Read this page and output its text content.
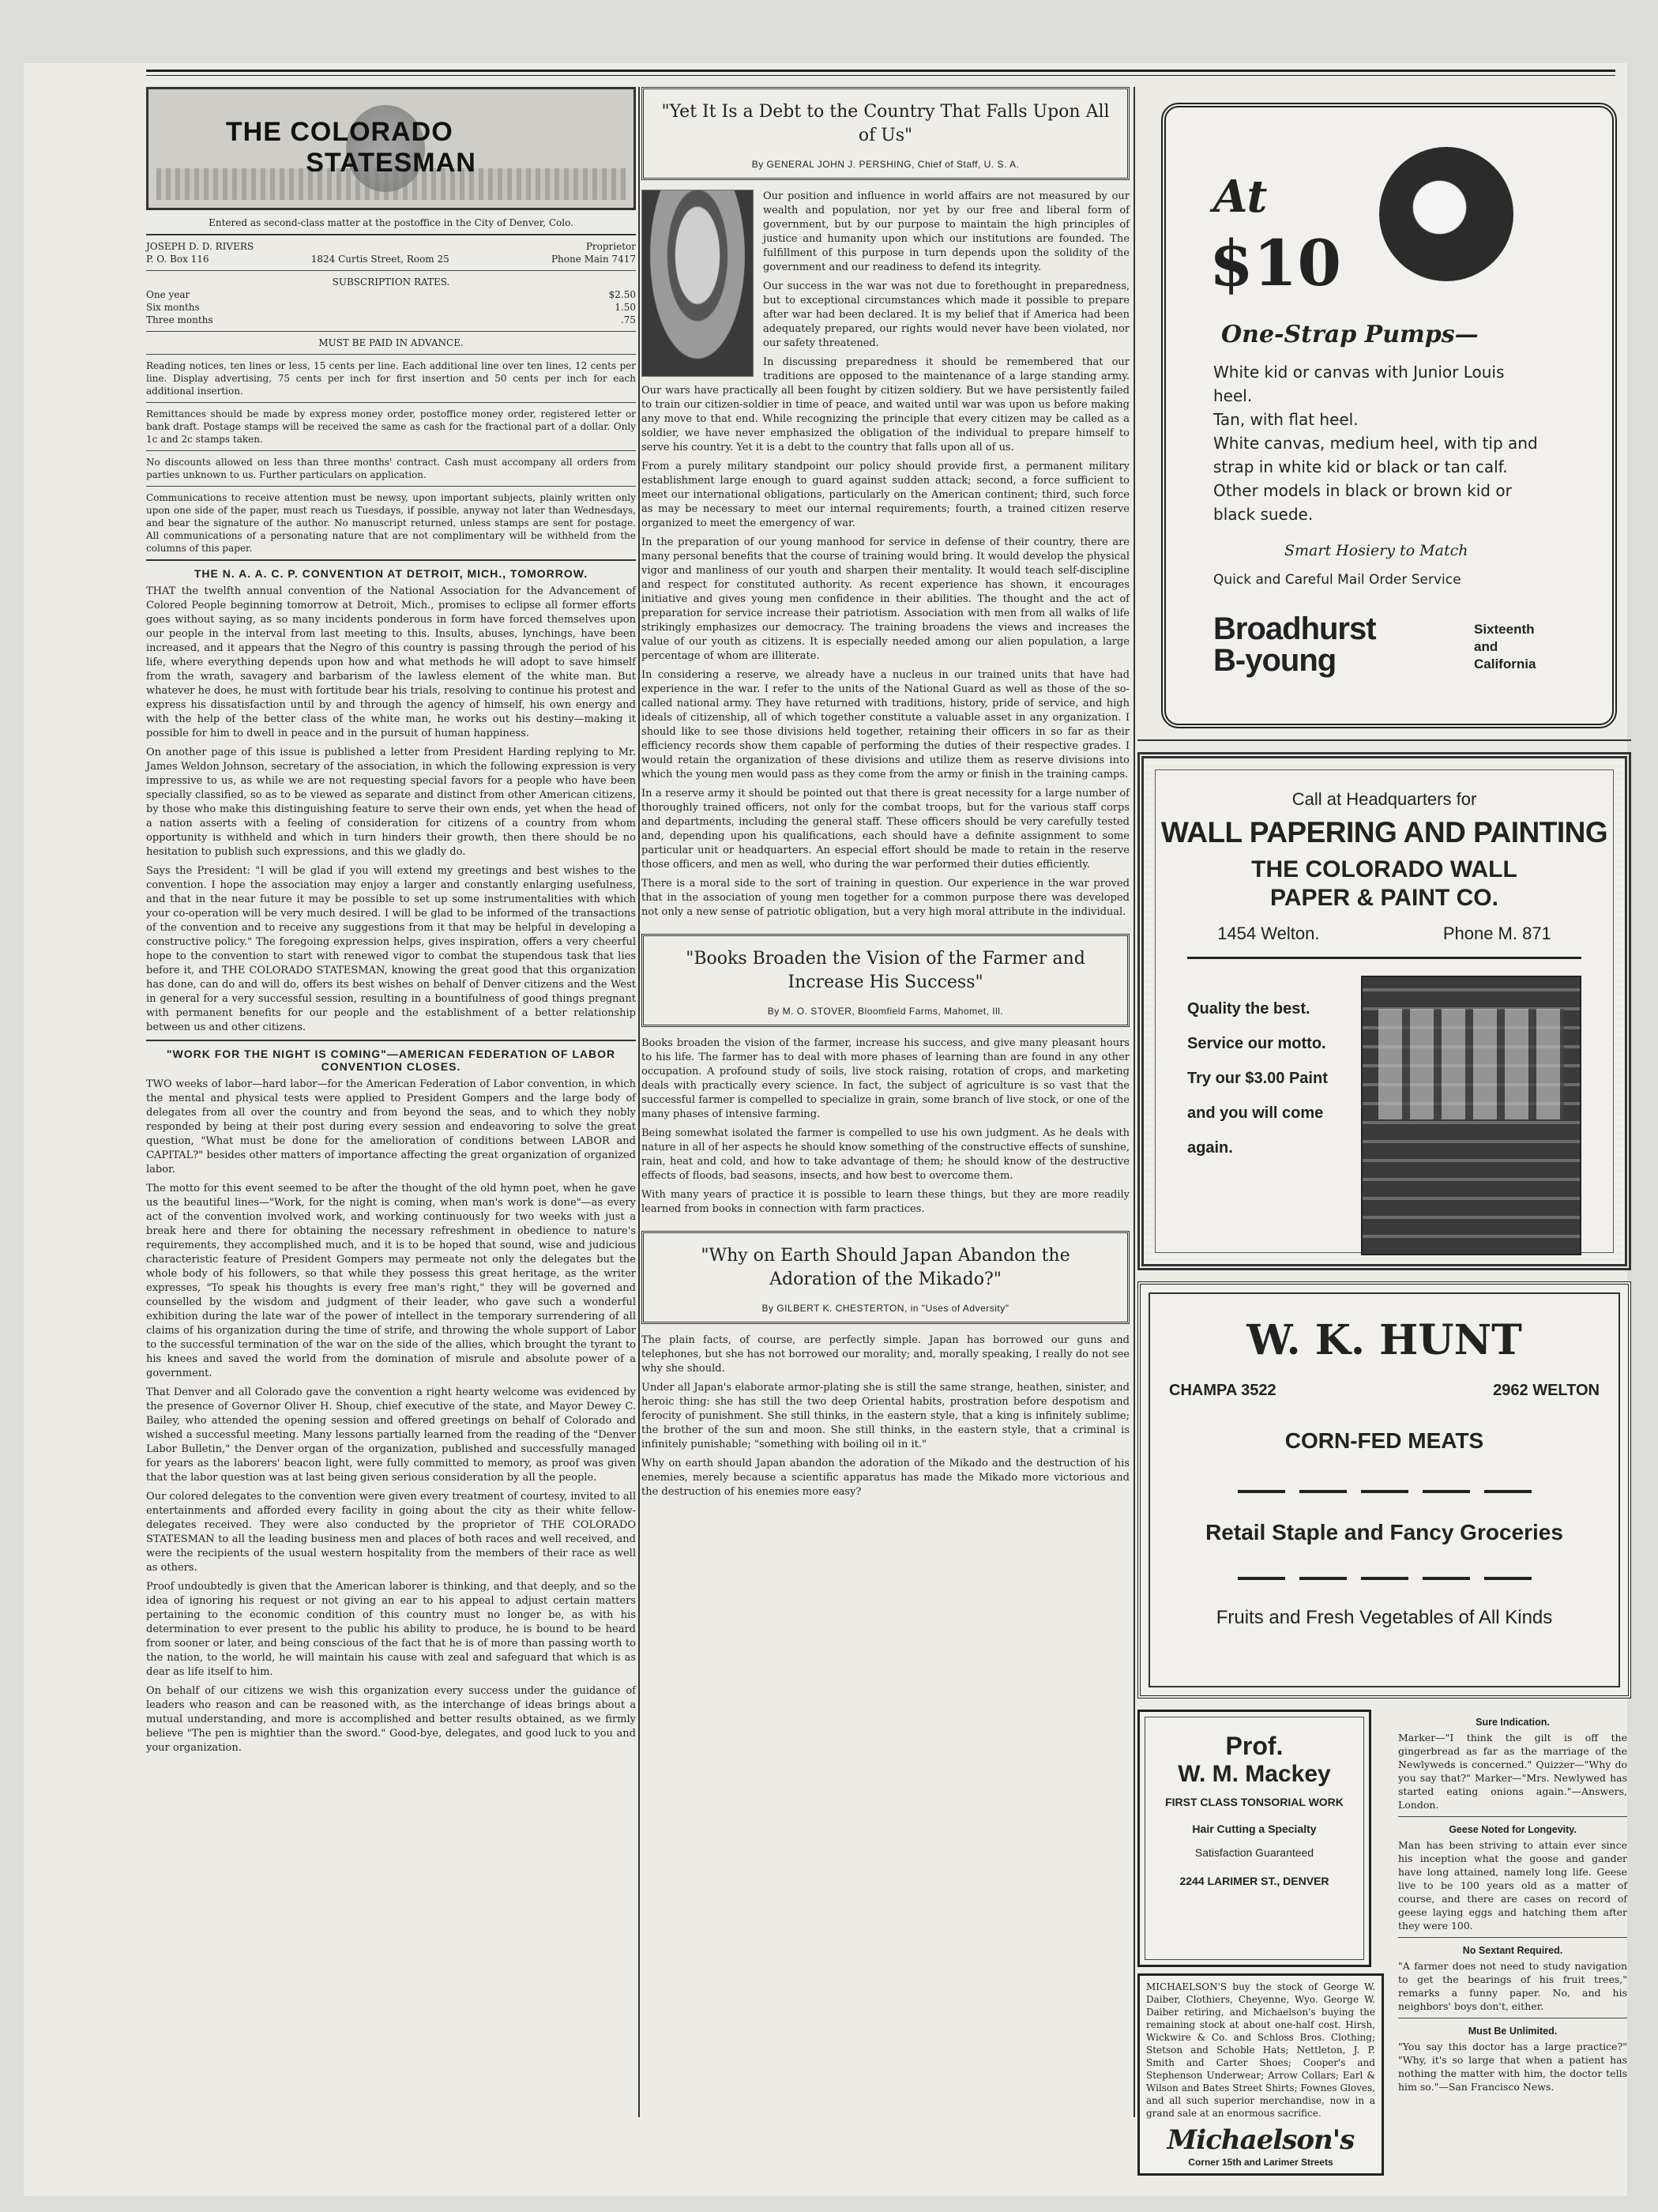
THE COLORADO  STATESMAN

Entered as second-class matter at the postoffice in the City of Denver, Colo.

JOSEPH D. D. RIVERS	Proprietor
P. O. Box 116	1824 Curtis Street, Room 25	Phone Main 7417
SUBSCRIPTION RATES.
One year	$2.50
Six months	1.50
Three months	.75
MUST BE PAID IN ADVANCE.

Reading notices, ten lines or less, 15 cents per line. Each additional line over ten lines, 12 cents per line. Display advertising, 75 cents per inch for first insertion and 50 cents per inch for each additional insertion.

Remittances should be made by express money order, postoffice money order, registered letter or bank draft. Postage stamps will be received the same as cash for the fractional part of a dollar. Only 1c and 2c stamps taken.

No discounts allowed on less than three months' contract. Cash must accompany all orders from parties unknown to us. Further particulars on application.

Communications to receive attention must be newsy, upon important subjects, plainly written only upon one side of the paper, must reach us Tuesdays, if possible, anyway not later than Wednesdays, and bear the signature of the author. No manuscript returned, unless stamps are sent for postage. All communications of a personating nature that are not complimentary will be withheld from the columns of this paper.

THE N. A. A. C. P. CONVENTION AT DETROIT, MICH., TOMORROW.

THAT the twelfth annual convention of the National Association for the Advancement of Colored People beginning tomorrow at Detroit, Mich., promises to eclipse all former efforts goes without saying, as so many incidents ponderous in form have forced themselves upon our people in the interval from last meeting to this. Insults, abuses, lynchings, have been increased, and it appears that the Negro of this country is passing through the period of his life, where everything depends upon how and what methods he will adopt to save himself from the wrath, savagery and barbarism of the lawless element of the white man. But whatever he does, he must with fortitude bear his trials, resolving to continue his protest and express his dissatisfaction until by and through the agency of himself, his own energy and with the help of the better class of the white man, he works out his destiny—making it possible for him to dwell in peace and in the pursuit of human happiness.

On another page of this issue is published a letter from President Harding replying to Mr. James Weldon Johnson, secretary of the association, in which the following expression is very impressive to us, as while we are not requesting special favors for a people who have been specially classified, so as to be viewed as separate and distinct from other American citizens, by those who make this distinguishing feature to serve their own ends, yet when the head of a nation asserts with a feeling of consideration for citizens of a country from whom opportunity is withheld and which in turn hinders their growth, then there should be no hesitation to publish such expressions, and this we gladly do.

Says the President: "I will be glad if you will extend my greetings and best wishes to the convention. I hope the association may enjoy a larger and constantly enlarging usefulness, and that in the near future it may be possible to set up some instrumentalities with which your co-operation will be very much desired. I will be glad to be informed of the transactions of the convention and to receive any suggestions from it that may be helpful in developing a constructive policy." The foregoing expression helps, gives inspiration, offers a very cheerful hope to the convention to start with renewed vigor to combat the stupendous task that lies before it, and THE COLORADO STATESMAN, knowing the great good that this organization has done, can do and will do, offers its best wishes on behalf of Denver citizens and the West in general for a very successful session, resulting in a bountifulness of good things pregnant with permanent benefits for our people and the establishment of a better relationship between us and other citizens.

"WORK FOR THE NIGHT IS COMING"—AMERICAN FEDERATION OF LABOR CONVENTION CLOSES.

TWO weeks of labor—hard labor—for the American Federation of Labor convention, in which the mental and physical tests were applied to President Gompers and the large body of delegates from all over the country and from beyond the seas, and to which they nobly responded by being at their post during every session and endeavoring to solve the great question, "What must be done for the amelioration of conditions between LABOR and CAPITAL?" besides other matters of importance affecting the great organization of organized labor.

The motto for this event seemed to be after the thought of the old hymn poet, when he gave us the beautiful lines—"Work, for the night is coming, when man's work is done"—as every act of the convention involved work, and working continuously for two weeks with just a break here and there for obtaining the necessary refreshment in obedience to nature's requirements, they accomplished much, and it is to be hoped that sound, wise and judicious characteristic feature of President Gompers may permeate not only the delegates but the whole body of his followers, so that while they possess this great heritage, as the writer expresses, "To speak his thoughts is every free man's right," they will be governed and counselled by the wisdom and judgment of their leader, who gave such a wonderful exhibition during the late war of the power of intellect in the temporary surrendering of all claims of his organization during the time of strife, and throwing the whole support of Labor to the successful termination of the war on the side of the allies, which brought the tyrant to his knees and saved the world from the domination of misrule and absolute power of a government.

That Denver and all Colorado gave the convention a right hearty welcome was evidenced by the presence of Governor Oliver H. Shoup, chief executive of the state, and Mayor Dewey C. Bailey, who attended the opening session and offered greetings on behalf of Colorado and wished a successful meeting. Many lessons partially learned from the reading of the "Denver Labor Bulletin," the Denver organ of the organization, published and successfully managed for years as the laborers' beacon light, were fully committed to memory, as proof was given that the labor question was at last being given serious consideration by all the people.

Our colored delegates to the convention were given every treatment of courtesy, invited to all entertainments and afforded every facility in going about the city as their white fellow-delegates received. They were also conducted by the proprietor of THE COLORADO STATESMAN to all the leading business men and places of both races and well received, and were the recipients of the usual western hospitality from the members of their race as well as others.

Proof undoubtedly is given that the American laborer is thinking, and that deeply, and so the idea of ignoring his request or not giving an ear to his appeal to adjust certain matters pertaining to the economic condition of this country must no longer be, as with his determination to ever present to the public his ability to produce, he is bound to be heard from sooner or later, and being conscious of the fact that he is of more than passing worth to the nation, to the world, he will maintain his cause with zeal and safeguard that which is as dear as life itself to him.

On behalf of our citizens we wish this organization every success under the guidance of leaders who reason and can be reasoned with, as the interchange of ideas brings about a mutual understanding, and more is accomplished and better results obtained, as we firmly believe "The pen is mightier than the sword." Good-bye, delegates, and good luck to you and your organization.

"Yet It Is a Debt to the Country That Falls Upon All of Us"
By GENERAL JOHN J. PERSHING, Chief of Staff, U. S. A.

Our position and influence in world affairs are not measured by our wealth and population, nor yet by our free and liberal form of government, but by our purpose to maintain the high principles of justice and humanity upon which our institutions are founded. The fulfillment of this purpose in turn depends upon the solidity of the government and our readiness to defend its integrity.

Our success in the war was not due to forethought in preparedness, but to exceptional circumstances which made it possible to prepare after war had been declared. It is my belief that if America had been adequately prepared, our rights would never have been violated, nor our safety threatened.

In discussing preparedness it should be remembered that our traditions are opposed to the maintenance of a large standing army. Our wars have practically all been fought by citizen soldiery. But we have persistently failed to train our citizen-soldier in time of peace, and waited until war was upon us before making any move to that end. While recognizing the principle that every citizen may be called as a soldier, we have never emphasized the obligation of the individual to prepare himself to serve his country. Yet it is a debt to the country that falls upon all of us.

From a purely military standpoint our policy should provide first, a permanent military establishment large enough to guard against sudden attack; second, a force sufficient to meet our international obligations, particularly on the American continent; third, such force as may be necessary to meet our internal requirements; fourth, a trained citizen reserve organized to meet the emergency of war.

In the preparation of our young manhood for service in defense of their country, there are many personal benefits that the course of training would bring. It would develop the physical vigor and manliness of our youth and sharpen their mentality. It would teach self-discipline and respect for constituted authority. As recent experience has shown, it encourages initiative and gives young men confidence in their abilities. The thought and the act of preparation for service increase their patriotism. Association with men from all walks of life strikingly emphasizes our democracy. The training broadens the views and increases the value of our youth as citizens. It is especially needed among our alien population, a large percentage of whom are illiterate.

In considering a reserve, we already have a nucleus in our trained units that have had experience in the war. I refer to the units of the National Guard as well as those of the so-called national army. They have returned with traditions, history, pride of service, and high ideals of citizenship, all of which together constitute a valuable asset in any organization. I should like to see those divisions held together, retaining their officers in so far as their efficiency records show them capable of performing the duties of their respective grades. I would retain the organization of these divisions and utilize them as reserve divisions into which the young men would pass as they come from the army or finish in the training camps.

In a reserve army it should be pointed out that there is great necessity for a large number of thoroughly trained officers, not only for the combat troops, but for the various staff corps and departments, including the general staff. These officers should be very carefully tested and, depending upon his qualifications, each should have a definite assignment to some particular unit or headquarters. An especial effort should be made to retain in the reserve those officers, and men as well, who during the war performed their duties efficiently.

There is a moral side to the sort of training in question. Our experience in the war proved that in the association of young men together for a common purpose there was developed not only a new sense of patriotic obligation, but a very high moral attribute in the individual.

"Books Broaden the Vision of the Farmer and Increase His Success"
By M. O. STOVER, Bloomfield Farms, Mahomet, Ill.

Books broaden the vision of the farmer, increase his success, and give many pleasant hours to his life. The farmer has to deal with more phases of learning than are found in any other occupation. A profound study of soils, live stock raising, rotation of crops, and marketing deals with practically every science. In fact, the subject of agriculture is so vast that the successful farmer is compelled to specialize in grain, some branch of live stock, or one of the many phases of intensive farming.

Being somewhat isolated the farmer is compelled to use his own judgment. As he deals with nature in all of her aspects he should know something of the constructive effects of sunshine, rain, heat and cold, and how to take advantage of them; he should know of the destructive effects of floods, bad seasons, insects, and how best to overcome them.

With many years of practice it is possible to learn these things, but they are more readily learned from books in connection with farm practices.

"Why on Earth Should Japan Abandon the Adoration of the Mikado?"
By GILBERT K. CHESTERTON, in "Uses of Adversity"

The plain facts, of course, are perfectly simple. Japan has borrowed our guns and telephones, but she has not borrowed our morality; and, morally speaking, I really do not see why she should.

Under all Japan's elaborate armor-plating she is still the same strange, heathen, sinister, and heroic thing: she has still the two deep Oriental habits, prostration before despotism and ferocity of punishment. She still thinks, in the eastern style, that a king is infinitely sublime; the brother of the sun and moon. She still thinks, in the eastern style, that a criminal is infinitely punishable; "something with boiling oil in it."

Why on earth should Japan abandon the adoration of the Mikado and the destruction of his enemies, merely because a scientific apparatus has made the Mikado more victorious and the destruction of his enemies more easy?

At
$10
One-Strap Pumps—
White kid or canvas with Junior Louis heel.
Tan, with flat heel.
White canvas, medium heel, with tip and strap in white kid or black or tan calf.
Other models in black or brown kid or black suede.
Smart Hosiery to Match
Quick and Careful Mail Order Service
Broadhurst
B-young
Sixteenth
and
California
Call at Headquarters for
WALL PAPERING AND PAINTING
THE COLORADO WALL
PAPER & PAINT CO.
1454 Welton.	Phone M. 871
Quality the best.
Service our motto.
Try our $3.00 Paint
and you will come
again.
W. K. HUNT
CHAMPA 3522	2962 WELTON
CORN-FED MEATS
Retail Staple and Fancy Groceries
Fruits and Fresh Vegetables of All Kinds
Prof.
W. M. Mackey
FIRST CLASS TONSORIAL WORK
Hair Cutting a Specialty
Satisfaction Guaranteed
2244 LARIMER ST., DENVER

MICHAELSON'S buy the stock of George W. Daiber, Clothiers, Cheyenne, Wyo. George W. Daiber retiring, and Michaelson's buying the remaining stock at about one-half cost. Hirsh, Wickwire & Co. and Schloss Bros. Clothing; Stetson and Schoble Hats; Nettleton, J. P. Smith and Carter Shoes; Cooper's and Stephenson Underwear; Arrow Collars; Earl & Wilson and Bates Street Shirts; Fownes Gloves, and all such superior merchandise, now in a grand sale at an enormous sacrifice.

Michaelson's
Corner 15th and Larimer Streets
Sure Indication.

Marker—"I think the gilt is off the gingerbread as far as the marriage of the Newlyweds is concerned." Quizzer—"Why do you say that?" Marker—"Mrs. Newlywed has started eating onions again."—Answers, London.

Geese Noted for Longevity.

Man has been striving to attain ever since his inception what the goose and gander have long attained, namely long life. Geese live to be 100 years old as a matter of course, and there are cases on record of geese laying eggs and hatching them after they were 100.

No Sextant Required.

"A farmer does not need to study navigation to get the bearings of his fruit trees," remarks a funny paper. No, and his neighbors' boys don't, either.

Must Be Unlimited.

"You say this doctor has a large practice?" "Why, it's so large that when a patient has nothing the matter with him, the doctor tells him so."—San Francisco News.
